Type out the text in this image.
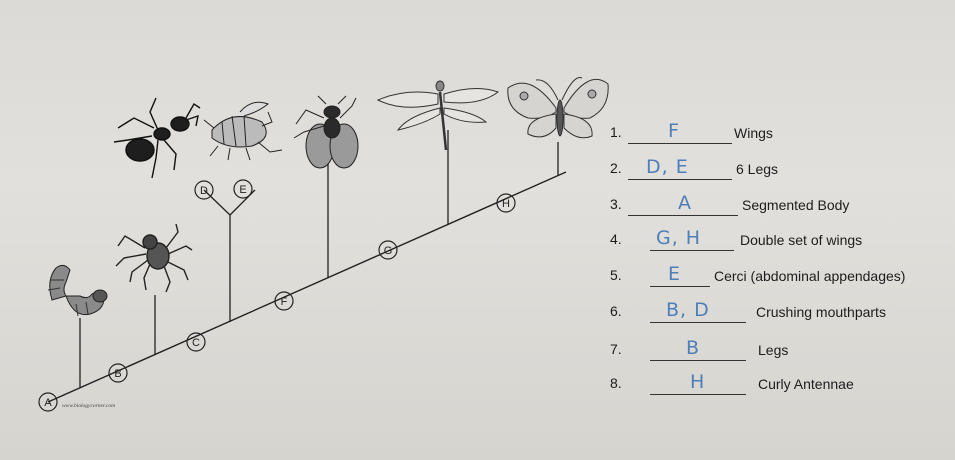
A
B
C
D	E
F
G
H
www.biologycorner.com
1. F	Wings
2. D, E	6 Legs
3.	A	Segmented Body
4. G, H	Double set of wings
5. E Cerci (abdominal appendages)
6. B, D	Crushing mouthparts
7.	B	Legs
8.	H	Curly Antennae
